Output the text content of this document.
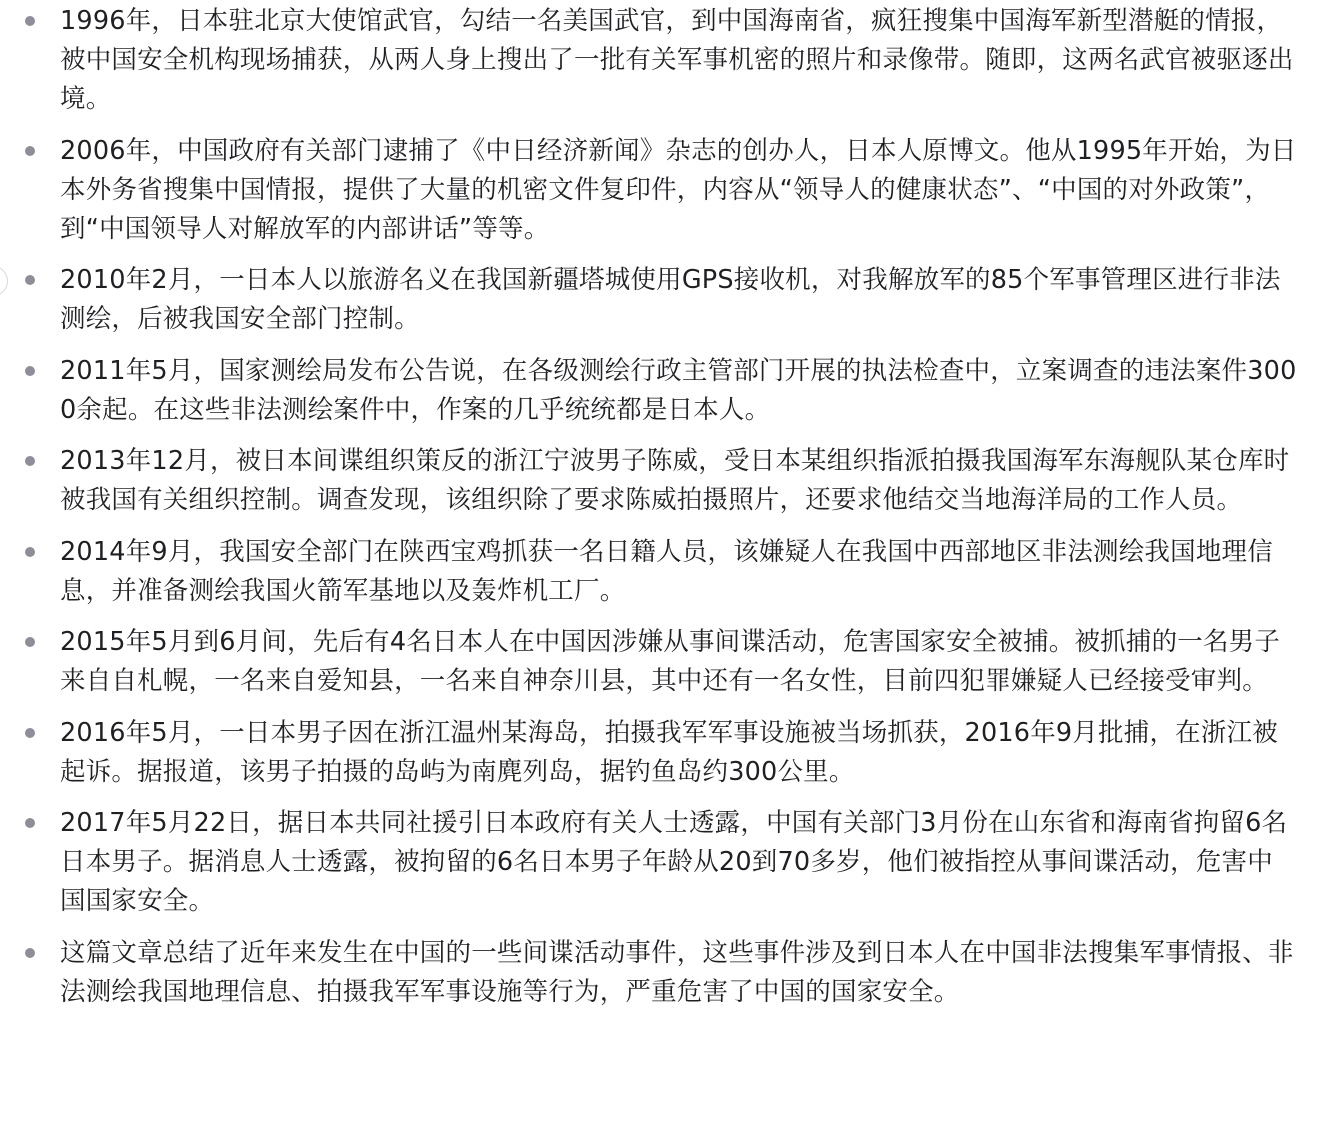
1996年，日本驻北京大使馆武官，勾结一名美国武官，到中国海南省，疯狂搜集中国海军新型潜艇的情报，被中国安全机构现场捕获，从两人身上搜出了一批有关军事机密的照片和录像带。随即，这两名武官被驱逐出境。
2006年，中国政府有关部门逮捕了《中日经济新闻》杂志的创办人，日本人原博文。他从1995年开始，为日本外务省搜集中国情报，提供了大量的机密文件复印件，内容从“领导人的健康状态”、“中国的对外政策”，到“中国领导人对解放军的内部讲话”等等。
2010年2月，一日本人以旅游名义在我国新疆塔城使用GPS接收机，对我解放军的85个军事管理区进行非法测绘，后被我国安全部门控制。
2011年5月，国家测绘局发布公告说，在各级测绘行政主管部门开展的执法检查中，立案调查的违法案件3000余起。在这些非法测绘案件中，作案的几乎统统都是日本人。
2013年12月，被日本间谍组织策反的浙江宁波男子陈威，受日本某组织指派拍摄我国海军东海舰队某仓库时被我国有关组织控制。调查发现，该组织除了要求陈威拍摄照片，还要求他结交当地海洋局的工作人员。
2014年9月，我国安全部门在陕西宝鸡抓获一名日籍人员，该嫌疑人在我国中西部地区非法测绘我国地理信息，并准备测绘我国火箭军基地以及轰炸机工厂。
2015年5月到6月间，先后有4名日本人在中国因涉嫌从事间谍活动，危害国家安全被捕。被抓捕的一名男子来自自札幌，一名来自爱知县，一名来自神奈川县，其中还有一名女性，目前四犯罪嫌疑人已经接受审判。
2016年5月，一日本男子因在浙江温州某海岛，拍摄我军军事设施被当场抓获，2016年9月批捕，在浙江被起诉。据报道，该男子拍摄的岛屿为南麂列岛，据钓鱼岛约300公里。
2017年5月22日，据日本共同社援引日本政府有关人士透露，中国有关部门3月份在山东省和海南省拘留6名日本男子。据消息人士透露，被拘留的6名日本男子年龄从20到70多岁，他们被指控从事间谍活动，危害中国国家安全。
这篇文章总结了近年来发生在中国的一些间谍活动事件，这些事件涉及到日本人在中国非法搜集军事情报、非法测绘我国地理信息、拍摄我军军事设施等行为，严重危害了中国的国家安全。
